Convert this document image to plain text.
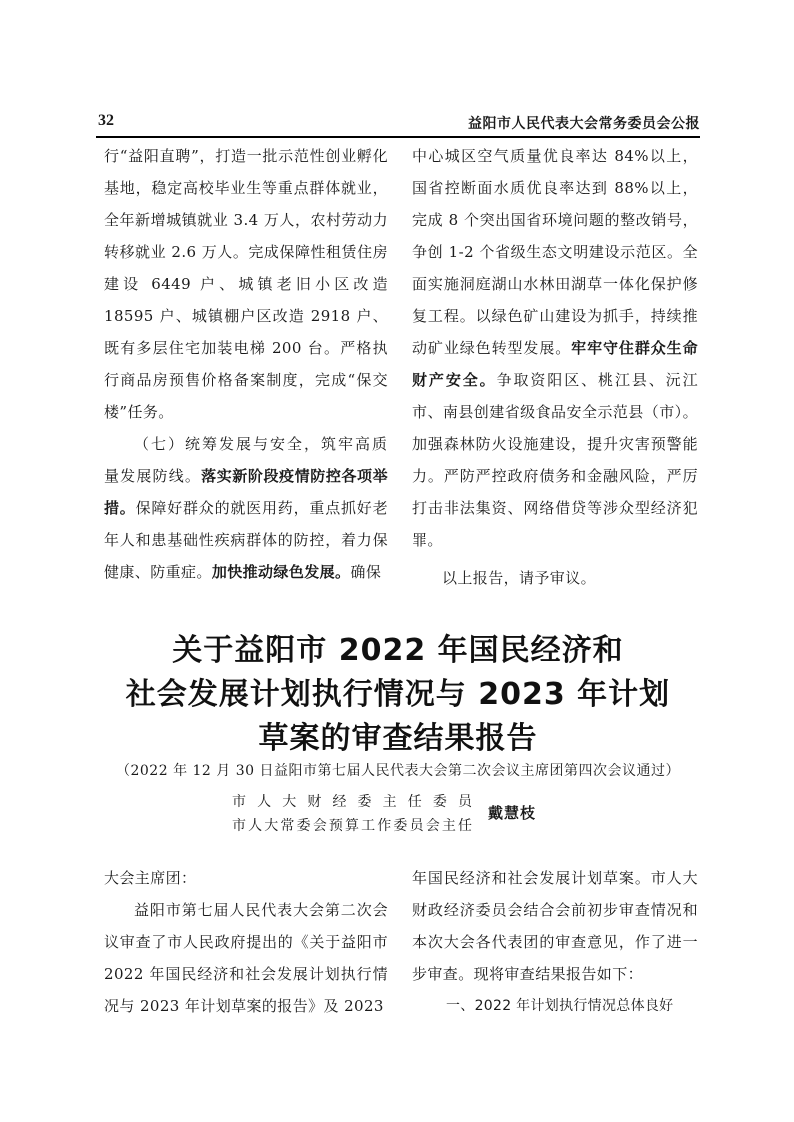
32	益阳市人民代表大会常务委员会公报

行“益阳直聘”，打造一批示范性创业孵化基地，稳定高校毕业生等重点群体就业，全年新增城镇就业 3.4 万人，农村劳动力转移就业 2.6 万人。完成保障性租赁住房建设 6449 户、城镇老旧小区改造 18595 户、城镇棚户区改造 2918 户、既有多层住宅加装电梯 200 台。严格执行商品房预售价格备案制度，完成“保交楼”任务。

（七）统筹发展与安全，筑牢高质量发展防线。落实新阶段疫情防控各项举措。保障好群众的就医用药，重点抓好老年人和患基础性疾病群体的防控，着力保健康、防重症。加快推动绿色发展。确保

中心城区空气质量优良率达 84%以上，国省控断面水质优良率达到 88%以上，完成 8 个突出国省环境问题的整改销号，争创 1-2 个省级生态文明建设示范区。全面实施洞庭湖山水林田湖草一体化保护修复工程。以绿色矿山建设为抓手，持续推动矿业绿色转型发展。牢牢守住群众生命财产安全。争取资阳区、桃江县、沅江市、南县创建省级食品安全示范县（市）。加强森林防火设施建设，提升灾害预警能力。严防严控政府债务和金融风险，严厉打击非法集资、网络借贷等涉众型经济犯罪。

以上报告，请予审议。

关于益阳市 2022 年国民经济和
社会发展计划执行情况与 2023 年计划
草案的审查结果报告
（2022 年 12 月 30 日益阳市第七届人民代表大会第二次会议主席团第四次会议通过）
市人大财经委主任委员
市人大常委会预算工作委员会主任
戴慧枝

大会主席团：

益阳市第七届人民代表大会第二次会议审查了市人民政府提出的《关于益阳市 2022 年国民经济和社会发展计划执行情况与 2023 年计划草案的报告》及 2023

年国民经济和社会发展计划草案。市人大财政经济委员会结合会前初步审查情况和本次大会各代表团的审查意见，作了进一步审查。现将审查结果报告如下：

一、2022 年计划执行情况总体良好
